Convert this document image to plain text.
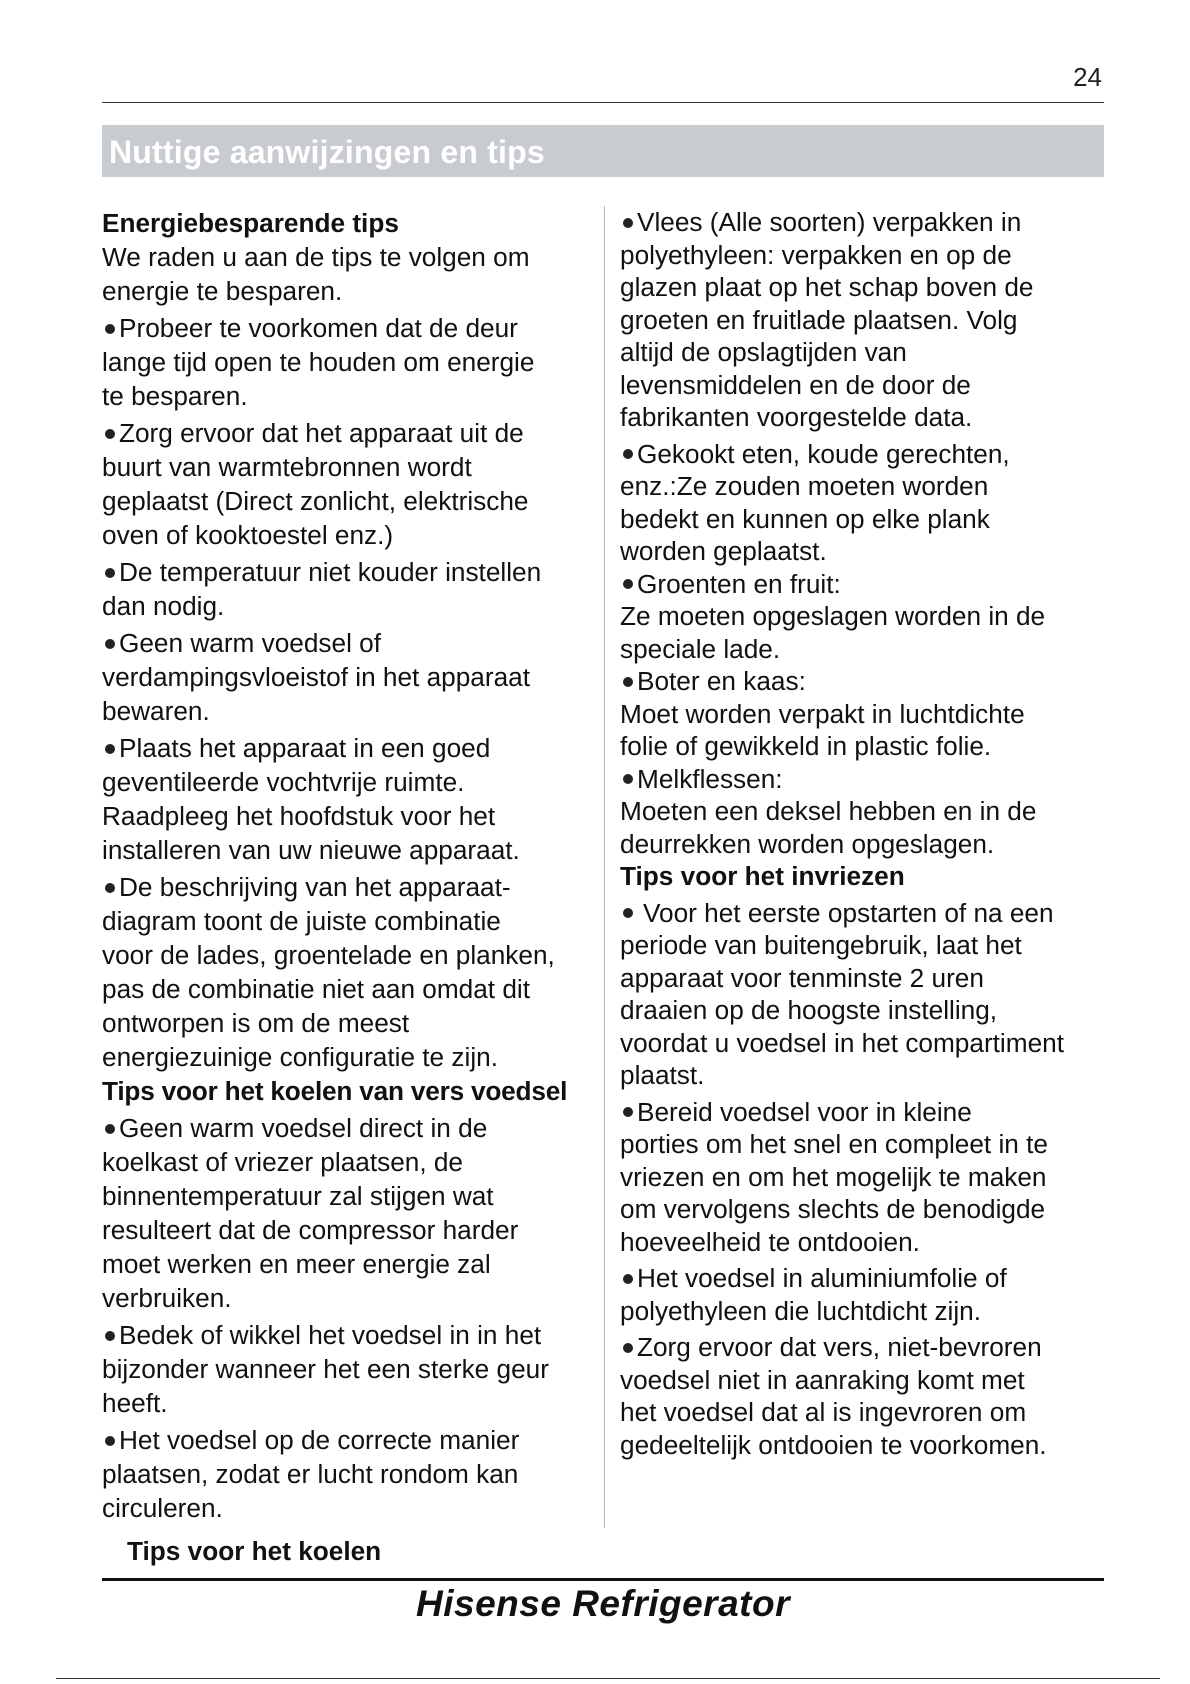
24
Nuttige aanwijzingen en tips

Energiebesparende tips

We raden u aan de tips te volgen om

energie te besparen.

Probeer te voorkomen dat de deur

lange tijd open te houden om energie

te besparen.

Zorg ervoor dat het apparaat uit de

buurt van warmtebronnen wordt

geplaatst (Direct zonlicht, elektrische

oven of kooktoestel enz.)

De temperatuur niet kouder instellen

dan nodig.

Geen warm voedsel of

verdampingsvloeistof in het apparaat

bewaren.

Plaats het apparaat in een goed

geventileerde vochtvrije ruimte.

Raadpleeg het hoofdstuk voor het

installeren van uw nieuwe apparaat.

De beschrijving van het apparaat-

diagram toont de juiste combinatie

voor de lades, groentelade en planken,

pas de combinatie niet aan omdat dit

ontworpen is om de meest

energiezuinige configuratie te zijn.

Tips voor het koelen van vers voedsel

Geen warm voedsel direct in de

koelkast of vriezer plaatsen, de

binnentemperatuur zal stijgen wat

resulteert dat de compressor harder

moet werken en meer energie zal

verbruiken.

Bedek of wikkel het voedsel in in het

bijzonder wanneer het een sterke geur

heeft.

Het voedsel op de correcte manier

plaatsen, zodat er lucht rondom kan

circuleren.

Vlees (Alle soorten) verpakken in

polyethyleen: verpakken en op de

glazen plaat op het schap boven de

groeten en fruitlade plaatsen. Volg

altijd de opslagtijden van

levensmiddelen en de door de

fabrikanten voorgestelde data.

Gekookt eten, koude gerechten,

enz.:Ze zouden moeten worden

bedekt en kunnen op elke plank

worden geplaatst.

Groenten en fruit:

Ze moeten opgeslagen worden in de

speciale lade.

Boter en kaas:

Moet worden verpakt in luchtdichte

folie of gewikkeld in plastic folie.

Melkflessen:

Moeten een deksel hebben en in de

deurrekken worden opgeslagen.

Tips voor het invriezen

Voor het eerste opstarten of na een

periode van buitengebruik, laat het

apparaat voor tenminste 2 uren

draaien op de hoogste instelling,

voordat u voedsel in het compartiment

plaatst.

Bereid voedsel voor in kleine

porties om het snel en compleet in te

vriezen en om het mogelijk te maken

om vervolgens slechts de benodigde

hoeveelheid te ontdooien.

Het voedsel in aluminiumfolie of

polyethyleen die luchtdicht zijn.

Zorg ervoor dat vers, niet-bevroren

voedsel niet in aanraking komt met

het voedsel dat al is ingevroren om

gedeeltelijk ontdooien te voorkomen.

Tips voor het koelen
Hisense Refrigerator
